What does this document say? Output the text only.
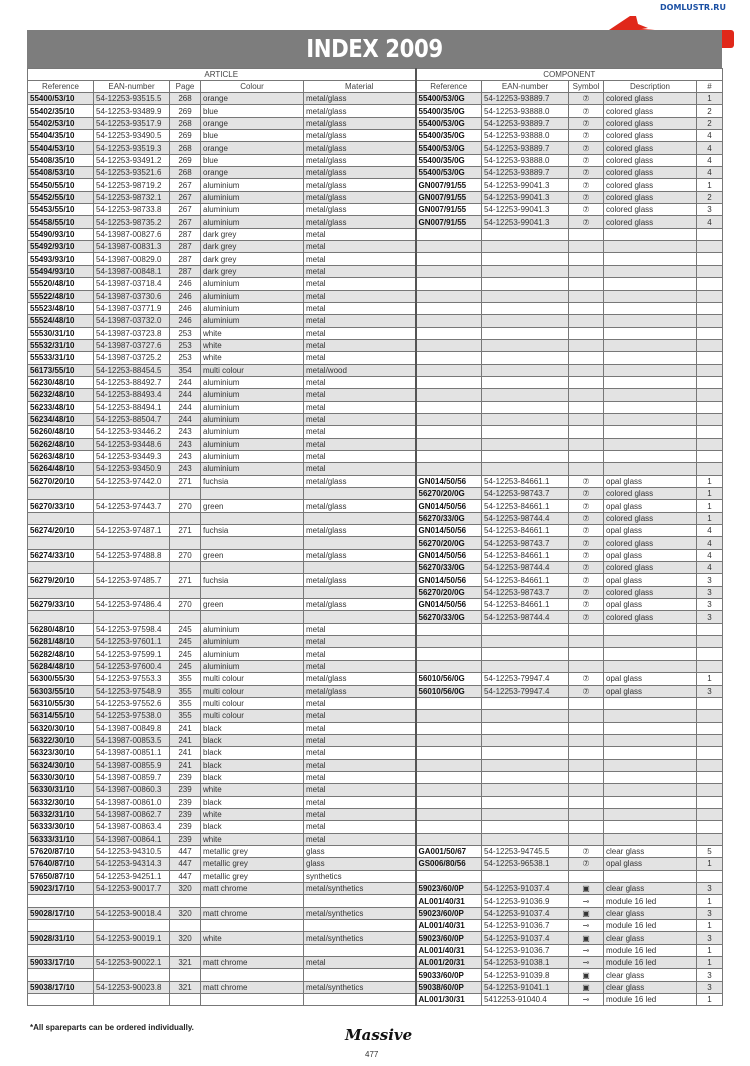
DOMLUSTR.RU
INDEX 2009
ARTICLE					COMPONENT				
Reference	EAN-number	Page	Colour	Material	Reference	EAN-number	Symbol	Description	#
55400/53/10	54-12253-93515.5	268	orange	metal/glass	55400/53/0G	54-12253-93889.7	⑦	colored glass	1
55402/35/10	54-12253-93489.9	269	blue	metal/glass	55400/35/0G	54-12253-93888.0	⑦	colored glass	2
55402/53/10	54-12253-93517.9	268	orange	metal/glass	55400/53/0G	54-12253-93889.7	⑦	colored glass	2
55404/35/10	54-12253-93490.5	269	blue	metal/glass	55400/35/0G	54-12253-93888.0	⑦	colored glass	4
55404/53/10	54-12253-93519.3	268	orange	metal/glass	55400/53/0G	54-12253-93889.7	⑦	colored glass	4
55408/35/10	54-12253-93491.2	269	blue	metal/glass	55400/35/0G	54-12253-93888.0	⑦	colored glass	4
55408/53/10	54-12253-93521.6	268	orange	metal/glass	55400/53/0G	54-12253-93889.7	⑦	colored glass	4
55450/55/10	54-12253-98719.2	267	aluminium	metal/glass	GN007/91/55	54-12253-99041.3	⑦	colored glass	1
55452/55/10	54-12253-98732.1	267	aluminium	metal/glass	GN007/91/55	54-12253-99041.3	⑦	colored glass	2
55453/55/10	54-12253-98733.8	267	aluminium	metal/glass	GN007/91/55	54-12253-99041.3	⑦	colored glass	3
55458/55/10	54-12253-98735.2	267	aluminium	metal/glass	GN007/91/55	54-12253-99041.3	⑦	colored glass	4
55490/93/10	54-13987-00827.6	287	dark grey	metal					
55492/93/10	54-13987-00831.3	287	dark grey	metal					
55493/93/10	54-13987-00829.0	287	dark grey	metal					
55494/93/10	54-13987-00848.1	287	dark grey	metal					
55520/48/10	54-13987-03718.4	246	aluminium	metal					
55522/48/10	54-13987-03730.6	246	aluminium	metal					
55523/48/10	54-13987-03771.9	246	aluminium	metal					
55524/48/10	54-13987-03732.0	246	aluminium	metal					
55530/31/10	54-13987-03723.8	253	white	metal					
55532/31/10	54-13987-03727.6	253	white	metal					
55533/31/10	54-13987-03725.2	253	white	metal					
56173/55/10	54-12253-88454.5	354	multi colour	metal/wood					
56230/48/10	54-12253-88492.7	244	aluminium	metal					
56232/48/10	54-12253-88493.4	244	aluminium	metal					
56233/48/10	54-12253-88494.1	244	aluminium	metal					
56234/48/10	54-12253-88504.7	244	aluminium	metal					
56260/48/10	54-12253-93446.2	243	aluminium	metal					
56262/48/10	54-12253-93448.6	243	aluminium	metal					
56263/48/10	54-12253-93449.3	243	aluminium	metal					
56264/48/10	54-12253-93450.9	243	aluminium	metal					
56270/20/10	54-12253-97442.0	271	fuchsia	metal/glass	GN014/50/56	54-12253-84661.1	⑦	opal glass	1
					56270/20/0G	54-12253-98743.7	⑦	colored glass	1
56270/33/10	54-12253-97443.7	270	green	metal/glass	GN014/50/56	54-12253-84661.1	⑦	opal glass	1
					56270/33/0G	54-12253-98744.4	⑦	colored glass	1
56274/20/10	54-12253-97487.1	271	fuchsia	metal/glass	GN014/50/56	54-12253-84661.1	⑦	opal glass	4
					56270/20/0G	54-12253-98743.7	⑦	colored glass	4
56274/33/10	54-12253-97488.8	270	green	metal/glass	GN014/50/56	54-12253-84661.1	⑦	opal glass	4
					56270/33/0G	54-12253-98744.4	⑦	colored glass	4
56279/20/10	54-12253-97485.7	271	fuchsia	metal/glass	GN014/50/56	54-12253-84661.1	⑦	opal glass	3
					56270/20/0G	54-12253-98743.7	⑦	colored glass	3
56279/33/10	54-12253-97486.4	270	green	metal/glass	GN014/50/56	54-12253-84661.1	⑦	opal glass	3
					56270/33/0G	54-12253-98744.4	⑦	colored glass	3
56280/48/10	54-12253-97598.4	245	aluminium	metal					
56281/48/10	54-12253-97601.1	245	aluminium	metal					
56282/48/10	54-12253-97599.1	245	aluminium	metal					
56284/48/10	54-12253-97600.4	245	aluminium	metal					
56300/55/30	54-12253-97553.3	355	multi colour	metal/glass	56010/56/0G	54-12253-79947.4	⑦	opal glass	1
56303/55/10	54-12253-97548.9	355	multi colour	metal/glass	56010/56/0G	54-12253-79947.4	⑦	opal glass	3
56310/55/30	54-12253-97552.6	355	multi colour	metal					
56314/55/10	54-12253-97538.0	355	multi colour	metal					
56320/30/10	54-13987-00849.8	241	black	metal					
56322/30/10	54-13987-00853.5	241	black	metal					
56323/30/10	54-13987-00851.1	241	black	metal					
56324/30/10	54-13987-00855.9	241	black	metal					
56330/30/10	54-13987-00859.7	239	black	metal					
56330/31/10	54-13987-00860.3	239	white	metal					
56332/30/10	54-13987-00861.0	239	black	metal					
56332/31/10	54-13987-00862.7	239	white	metal					
56333/30/10	54-13987-00863.4	239	black	metal					
56333/31/10	54-13987-00864.1	239	white	metal					
57620/87/10	54-12253-94310.5	447	metallic grey	glass	GA001/50/67	54-12253-94745.5	⑦	clear glass	5
57640/87/10	54-12253-94314.3	447	metallic grey	glass	GS006/80/56	54-12253-96538.1	⑦	opal glass	1
57650/87/10	54-12253-94251.1	447	metallic grey	synthetics					
59023/17/10	54-12253-90017.7	320	matt chrome	metal/synthetics	59023/60/0P	54-12253-91037.4	▣	clear glass	3
					AL001/40/31	54-12253-91036.9	⊸	module 16 led	1
59028/17/10	54-12253-90018.4	320	matt chrome	metal/synthetics	59023/60/0P	54-12253-91037.4	▣	clear glass	3
					AL001/40/31	54-12253-91036.7	⊸	module 16 led	1
59028/31/10	54-12253-90019.1	320	white	metal/synthetics	59023/60/0P	54-12253-91037.4	▣	clear glass	3
					AL001/40/31	54-12253-91036.7	⊸	module 16 led	1
59033/17/10	54-12253-90022.1	321	matt chrome	metal	AL001/20/31	54-12253-91038.1	⊸	module 16 led	1
					59033/60/0P	54-12253-91039.8	▣	clear glass	3
59038/17/10	54-12253-90023.8	321	matt chrome	metal/synthetics	59038/60/0P	54-12253-91041.1	▣	clear glass	3
					AL001/30/31	5412253-91040.4	⊸	module 16 led	1
*All spareparts can be ordered individually.	Massive
477
